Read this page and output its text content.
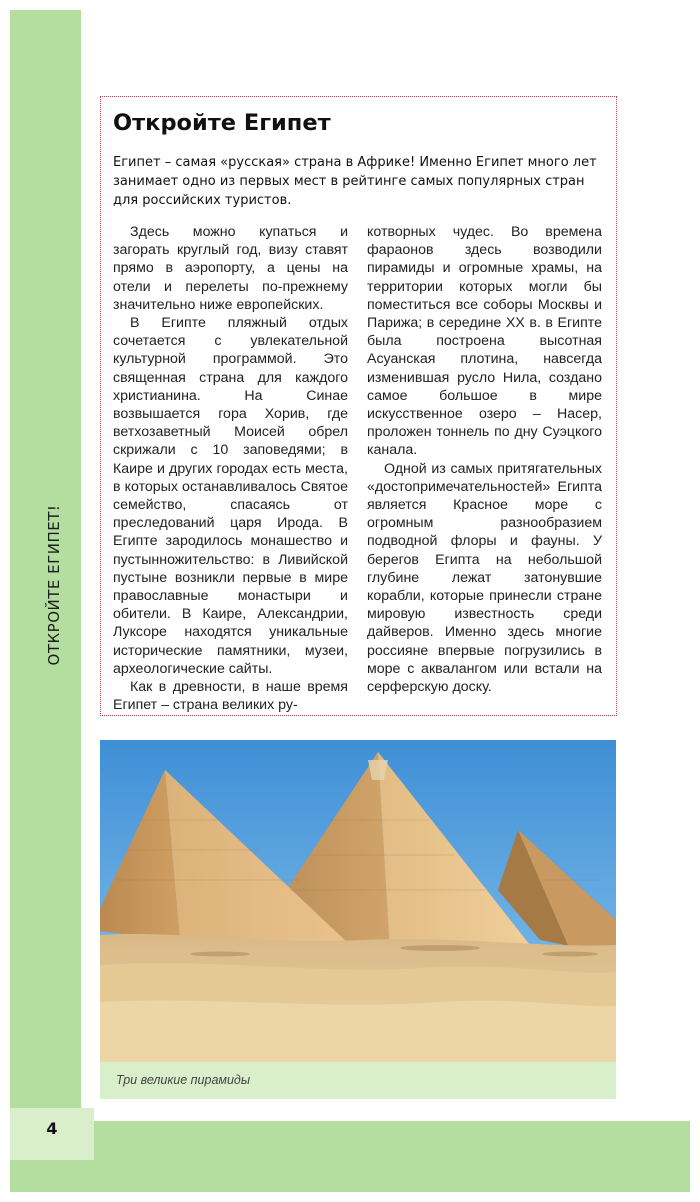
ОТКРОЙТЕ ЕГИПЕТ!
4
Откройте Египет

Египет – самая «русская» страна в Африке! Именно Египет много лет занимает одно из первых мест в рейтинге самых популярных стран для российских туристов.

Здесь можно купаться и загорать круглый год, визу ставят прямо в аэропорту, а цены на отели и перелеты по-прежнему значительно ниже европейских.

В Египте пляжный отдых сочетается с увлекательной культурной программой. Это священная страна для каждого христианина. На Синае возвышается гора Хорив, где ветхозаветный Моисей обрел скрижали с 10 заповедями; в Каире и других городах есть места, в которых останавливалось Святое семейство, спасаясь от преследований царя Ирода. В Египте зародилось монашество и пустынножительство: в Ливийской пустыне возникли первые в мире православные монастыри и обители. В Каире, Александрии, Луксоре находятся уникальные исторические памятники, музеи, археологические сайты.

Как в древности, в наше время Египет – страна великих ру-

котворных чудес. Во времена фараонов здесь возводили пирамиды и огромные храмы, на территории которых могли бы поместиться все соборы Москвы и Парижа; в середине XX в. в Египте была построена высотная Асуанская плотина, навсегда изменившая русло Нила, создано самое большое в мире искусственное озеро – Насер, проложен тоннель по дну Суэцкого канала.

Одной из самых притягательных «достопримечательностей» Египта является Красное море с огромным разнообразием подводной флоры и фауны. У берегов Египта на небольшой глубине лежат затонувшие корабли, которые принесли стране мировую известность среди дайверов. Именно здесь многие россияне впервые погрузились в море с аквалангом или встали на серферскую доску.

Три великие пирамиды
